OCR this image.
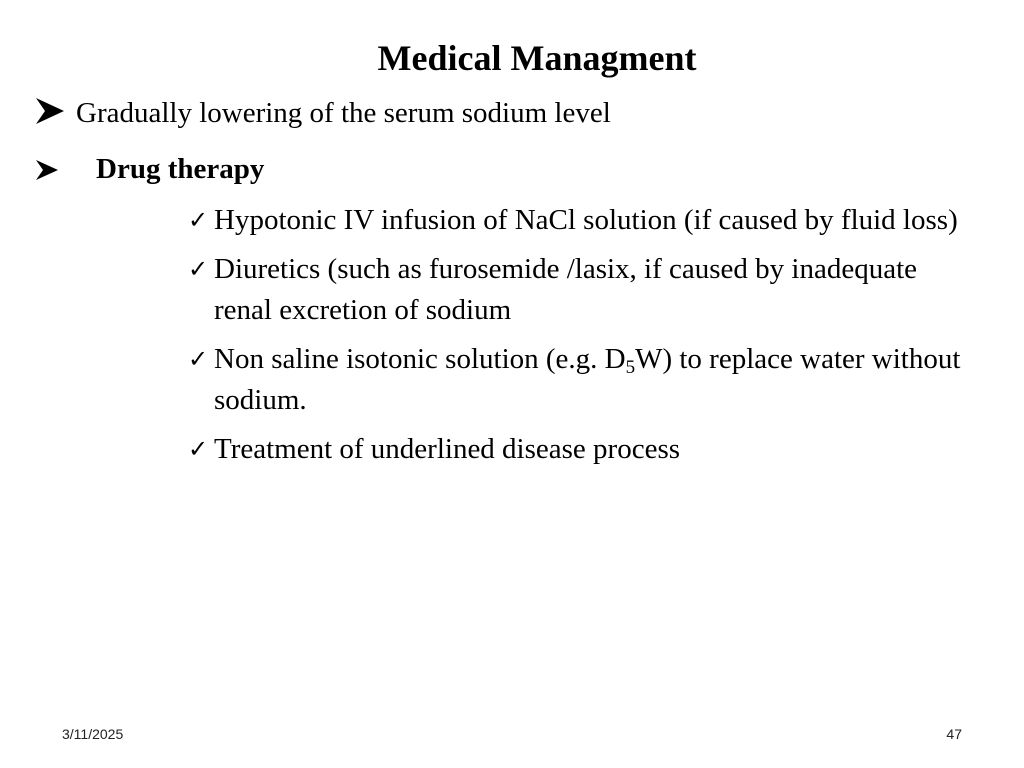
Medical Managment
Gradually lowering of the serum sodium level
Drug therapy
✓ Hypotonic IV infusion of NaCl solution (if caused by fluid loss)
✓ Diuretics (such as furosemide /lasix, if caused by inadequate renal excretion of sodium
✓ Non saline isotonic solution (e.g. $D_5W$) to replace water without sodium.
✓ Treatment of underlined disease process
3/11/2025	47
